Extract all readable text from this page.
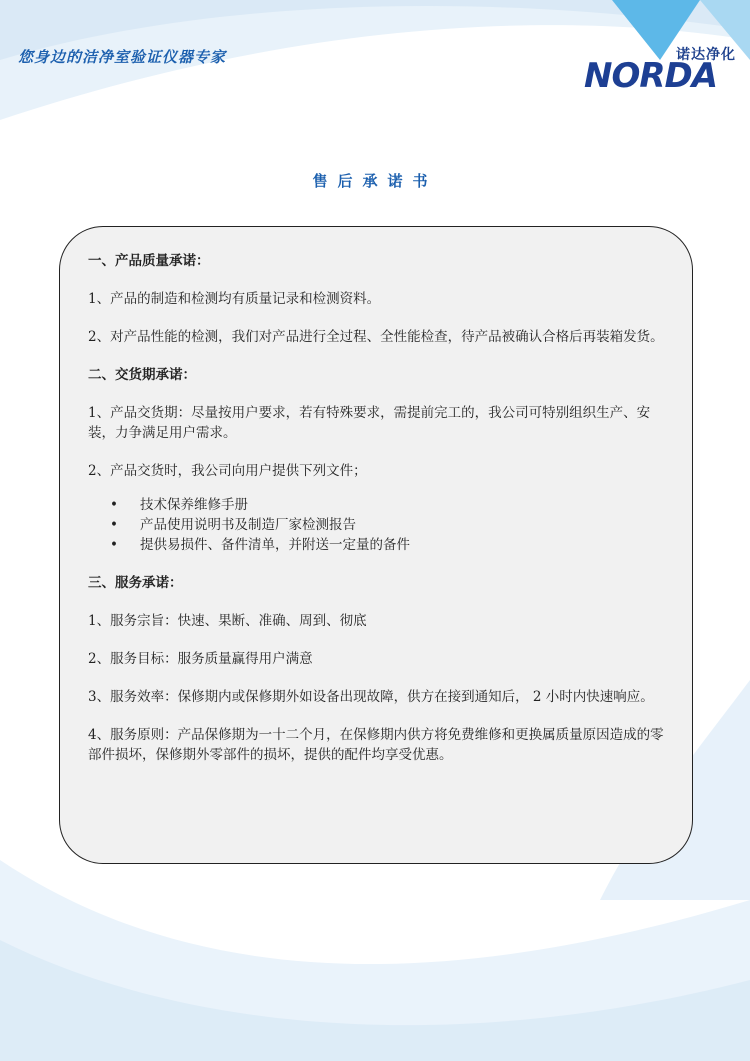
您身边的洁净室验证仪器专家	诺达净化
NORDA
售后承诺书
一、产品质量承诺：

1、产品的制造和检测均有质量记录和检测资料。

2、对产品性能的检测，我们对产品进行全过程、全性能检查，待产品被确认合格后再装箱发货。

二、交货期承诺：

1、产品交货期：尽量按用户要求，若有特殊要求，需提前完工的，我公司可特别组织生产、安装，力争满足用户需求。

2、产品交货时，我公司向用户提供下列文件；

• 技术保养维修手册
• 产品使用说明书及制造厂家检测报告
• 提供易损件、备件清单，并附送一定量的备件
三、服务承诺：

1、服务宗旨：快速、果断、准确、周到、彻底

2、服务目标：服务质量赢得用户满意

3、服务效率：保修期内或保修期外如设备出现故障，供方在接到通知后， 2 小时内快速响应。

4、服务原则：产品保修期为一十二个月，在保修期内供方将免费维修和更换属质量原因造成的零部件损坏，保修期外零部件的损坏，提供的配件均享受优惠。
